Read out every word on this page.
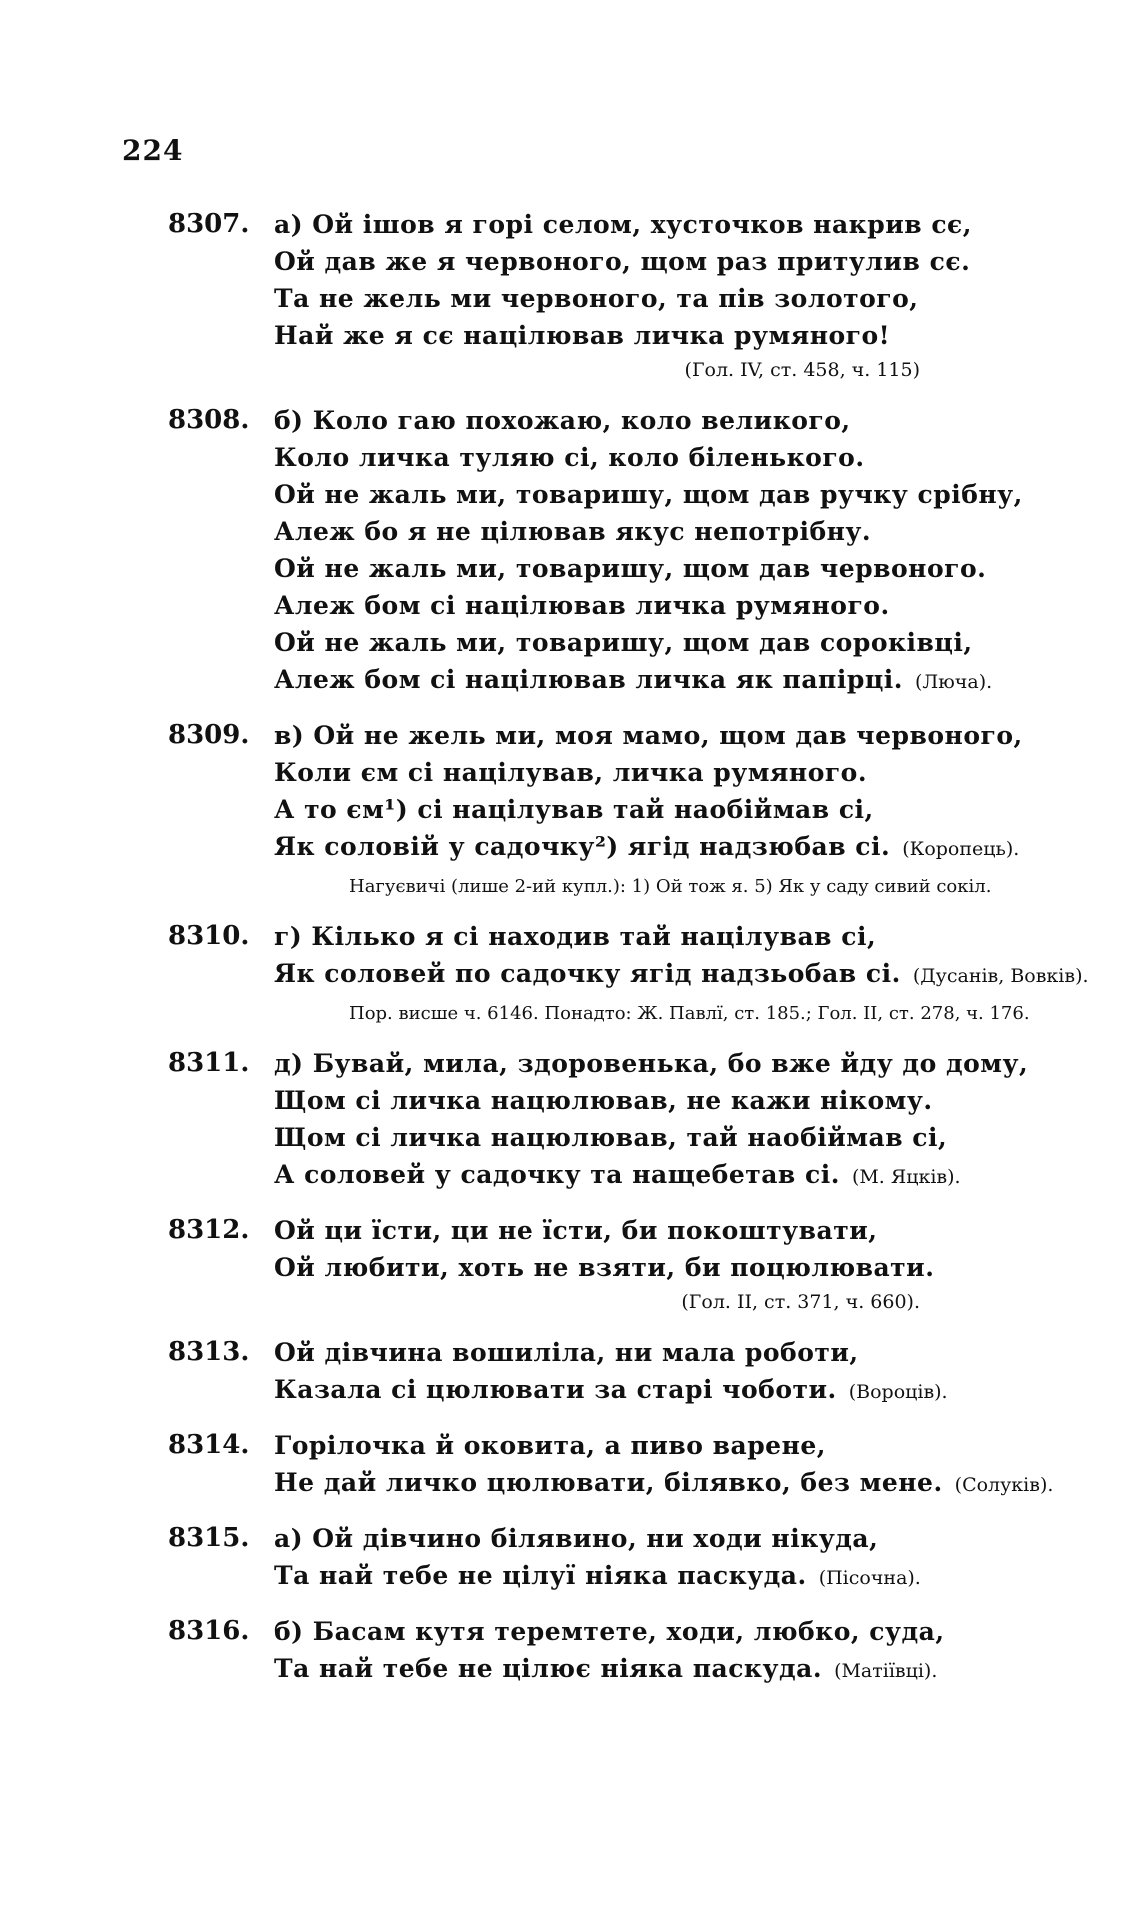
224
8307. а) Ой ішов я горі селом, хусточков накрив сє,
Ой дав же я червоного, щом раз притулив сє.
Та не жель ми червоного, та пів золотого,
Най же я сє націлював личка румяного!
(Гол. IV, ст. 458, ч. 115)
8308. б) Коло гаю похожаю, коло великого,
Коло личка туляю сі, коло біленького.
Ой не жаль ми, товаришу, щом дав ручку срібну,
Алеж бо я не цілював якус непотрібну.
Ой не жаль ми, товаришу, щом дав червоного.
Алеж бом сі націлював личка румяного.
Ой не жаль ми, товаришу, щом дав сороківці,
Алеж бом сі націлював личка як папірці. (Люча).
8309. в) Ой не жель ми, моя мамо, щом дав червоного,
Коли єм сі націлував, личка румяного.
А то єм¹) сі націлував тай наобіймав сі,
Як соловій у садочку²) ягід надзюбав сі. (Коропець).
Нагуєвичі (лише 2-ий купл.): 1) Ой тож я. 5) Як у саду сивий сокіл.
8310. г) Кілько я сі находив тай націлував сі,
Як соловей по садочку ягід надзьобав сі. (Дусанів, Вовків).
Пор. висше ч. 6146. Понадто: Ж. Павлї, ст. 185.; Гол. II, ст. 278, ч. 176.
8311. д) Бувай, мила, здоровенька, бо вже йду до дому,
Щом сі личка нацюлював, не кажи нікому.
Щом сі личка нацюлював, тай наобіймав сі,
А соловей у садочку та нащебетав сі. (М. Яцків).
8312. Ой ци їсти, ци не їсти, би покоштувати,
Ой любити, хоть не взяти, би поцюлювати.
(Гол. II, ст. 371, ч. 660).
8313. Ой дівчина вошиліла, ни мала роботи,
Казала сі цюлювати за старі чоботи. (Вороців).
8314. Горілочка й оковита, а пиво варене,
Не дай личко цюлювати, білявко, без мене. (Солуків).
8315. а) Ой дівчино білявино, ни ходи нікуда,
Та най тебе не цілуї ніяка паскуда. (Пісочна).
8316. б) Басам кутя теремтете, ходи, любко, суда,
Та най тебе не цілює ніяка паскуда. (Матіївці).
